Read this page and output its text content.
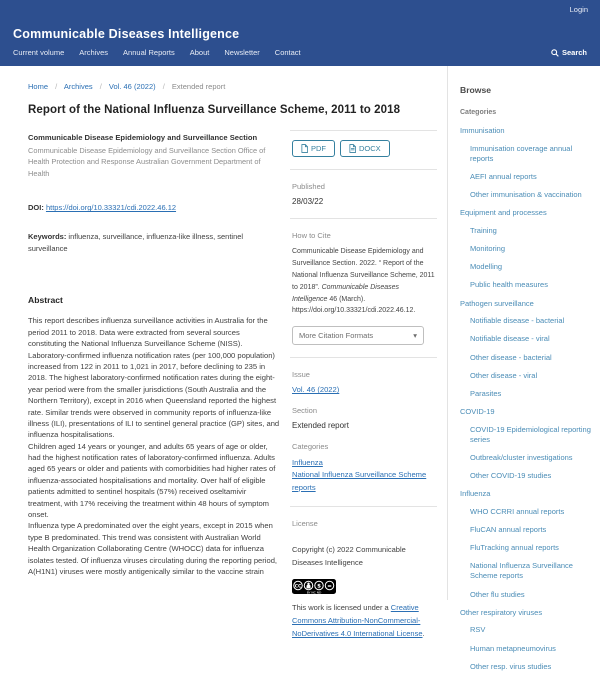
Login
Communicable Diseases Intelligence
Current volume Archives Annual Reports About Newsletter Contact	Search
Home / Archives / Vol. 46 (2022) / Extended report
Report of the National Influenza Surveillance Scheme, 2011 to 2018
Communicable Disease Epidemiology and Surveillance Section
Communicable Disease Epidemiology and Surveillance Section Office of Health Protection and Response Australian Government Department of Health
DOI: https://doi.org/10.33321/cdi.2022.46.12
Keywords: influenza, surveillance, influenza-like illness, sentinel surveillance
Abstract

This report describes influenza surveillance activities in Australia for the period 2011 to 2018. Data were extracted from several sources constituting the National Influenza Surveillance Scheme (NISS). Laboratory-confirmed influenza notification rates (per 100,000 population) increased from 122 in 2011 to 1,021 in 2017, before declining to 235 in 2018. The highest laboratory-confirmed notification rates during the eight-year period were from the smaller jurisdictions (South Australia and the Northern Territory), except in 2016 when Queensland reported the highest rate. Similar trends were observed in community reports of influenza-like illness (ILI), presentations of ILI to sentinel general practice (GP) sites, and influenza hospitalisations.

Children aged 14 years or younger, and adults 65 years of age or older, had the highest notification rates of laboratory-confirmed influenza. Adults aged 65 years or older and patients with comorbidities had higher rates of influenza-associated hospitalisations and mortality. Over half of eligible patients admitted to sentinel hospitals (57%) received oseltamivir treatment, with 17% receiving the treatment within 48 hours of symptom onset.

Influenza type A predominated over the eight years, except in 2015 when type B predominated. This trend was consistent with Australian World Health Organization Collaborating Centre (WHOCC) data for influenza isolates tested. Of influenza viruses circulating during the reporting period, A(H1N1) viruses were mostly antigenically similar to the vaccine strain

PDF	DOCX
Published
28/03/22
How to Cite
Communicable Disease Epidemiology and Surveillance Section. 2022. “ Report of the National Influenza Surveillance Scheme, 2011 to 2018”. Communicable Diseases Intelligence 46 (March). https://doi.org/10.33321/cdi.2022.46.12.
More Citation Formats	▾
Issue
Vol. 46 (2022)
Section
Extended report
Categories
Influenza
National Influenza Surveillance Scheme reports
License
Copyright (c) 2022 Communicable Diseases Intelligence
CC $ =
BY NC ND
This work is licensed under a Creative Commons Attribution-NonCommercial-NoDerivatives 4.0 International License.
Browse
Categories
Immunisation
Immunisation coverage annual reports
AEFI annual reports
Other immunisation & vaccination
Equipment and processes
Training
Monitoring
Modelling
Public health measures
Pathogen surveillance
Notifiable disease - bacterial
Notifiable disease - viral
Other disease - bacterial
Other disease - viral
Parasites
COVID-19
COVID-19 Epidemiological reporting series
Outbreak/cluster investigations
Other COVID-19 studies
Influenza
WHO CCRRI annual reports
FluCAN annual reports
FluTracking annual reports
National Influenza Surveillance Scheme reports
Other flu studies
Other respiratory viruses
RSV
Human metapneumovirus
Other resp. virus studies
